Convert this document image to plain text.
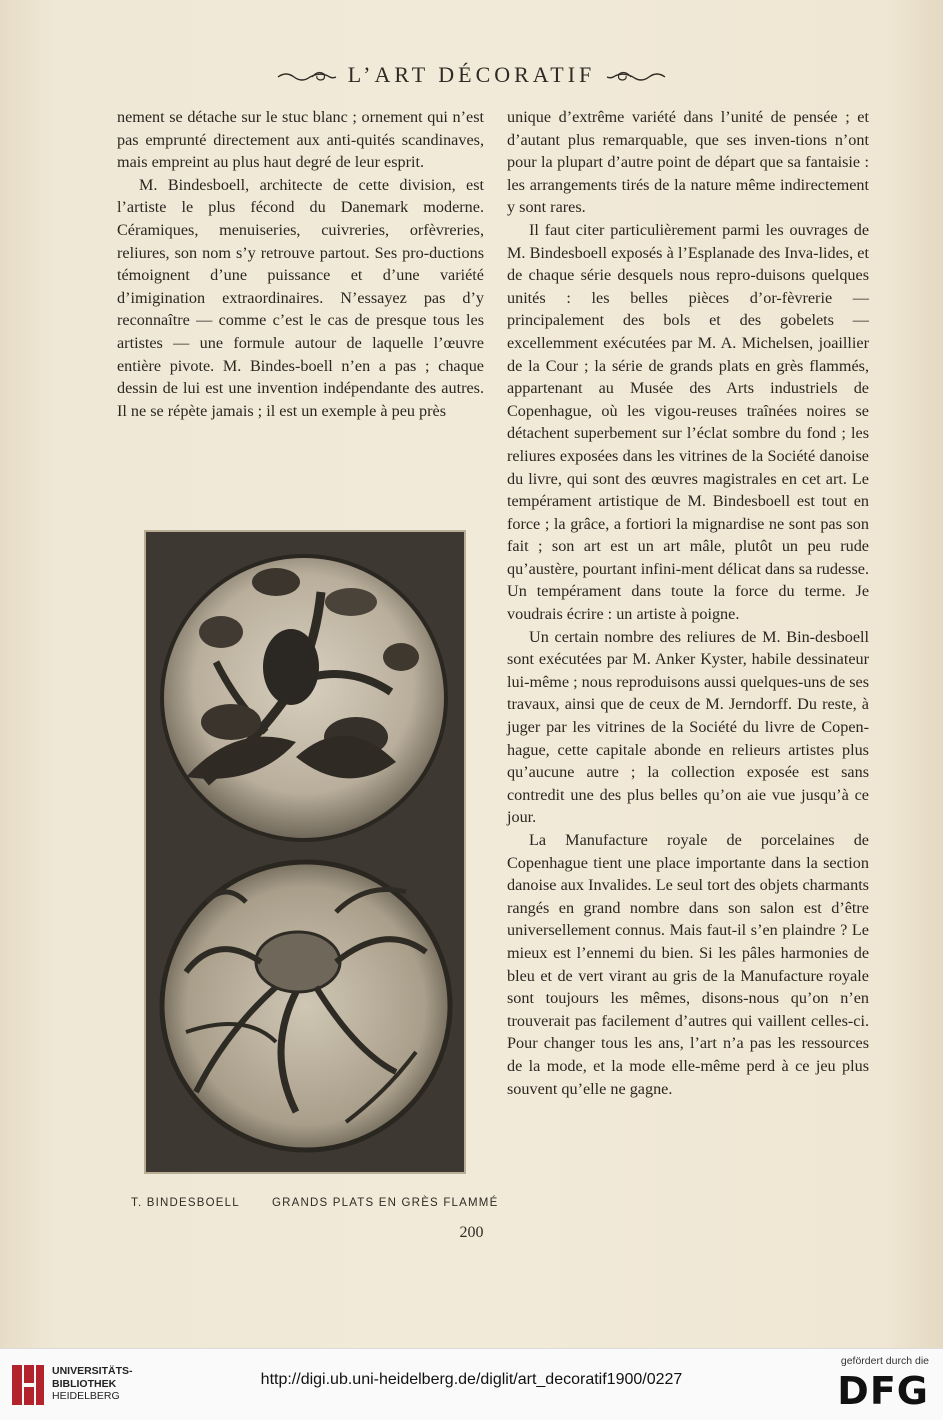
L’ART DÉCORATIF

nement se détache sur le stuc blanc ; ornement qui n’est pas emprunté directement aux anti-quités scandinaves, mais empreint au plus haut degré de leur esprit.

M. Bindesboell, architecte de cette division, est l’artiste le plus fécond du Danemark moderne. Céramiques, menuiseries, cuivreries, orfèvreries, reliures, son nom s’y retrouve partout. Ses pro-ductions témoignent d’une puissance et d’une variété d’imigination extraordinaires. N’essayez pas d’y reconnaître — comme c’est le cas de presque tous les artistes — une formule autour de laquelle l’œuvre entière pivote. M. Bindes-boell n’en a pas ; chaque dessin de lui est une invention indépendante des autres. Il ne se répète jamais ; il est un exemple à peu près

unique d’extrême variété dans l’unité de pensée ; et d’autant plus remarquable, que ses inven-tions n’ont pour la plupart d’autre point de départ que sa fantaisie : les arrangements tirés de la nature même indirectement y sont rares.

Il faut citer particulièrement parmi les ouvrages de M. Bindesboell exposés à l’Esplanade des Inva-lides, et de chaque série desquels nous repro-duisons quelques unités : les belles pièces d’or-fèvrerie — principalement des bols et des gobelets — excellemment exécutées par M. A. Michelsen, joaillier de la Cour ; la série de grands plats en grès flammés, appartenant au Musée des Arts industriels de Copenhague, où les vigou-reuses traînées noires se détachent superbement sur l’éclat sombre du fond ; les reliures exposées dans les vitrines de la Société danoise du livre, qui sont des œuvres magistrales en cet art. Le tempérament artistique de M. Bindesboell est tout en force ; la grâce, a fortiori la mignardise ne sont pas son fait ; son art est un art mâle, plutôt un peu rude qu’austère, pourtant infini-ment délicat dans sa rudesse. Un tempérament dans toute la force du terme. Je voudrais écrire : un artiste à poigne.

Un certain nombre des reliures de M. Bin-desboell sont exécutées par M. Anker Kyster, habile dessinateur lui-même ; nous reproduisons aussi quelques-uns de ses travaux, ainsi que de ceux de M. Jerndorff. Du reste, à juger par les vitrines de la Société du livre de Copen-hague, cette capitale abonde en relieurs artistes plus qu’aucune autre ; la collection exposée est sans contredit une des plus belles qu’on aie vue jusqu’à ce jour.

La Manufacture royale de porcelaines de Copenhague tient une place importante dans la section danoise aux Invalides. Le seul tort des objets charmants rangés en grand nombre dans son salon est d’être universellement connus. Mais faut-il s’en plaindre ? Le mieux est l’ennemi du bien. Si les pâles harmonies de bleu et de vert virant au gris de la Manufacture royale sont toujours les mêmes, disons-nous qu’on n’en trouverait pas facilement d’autres qui vaillent celles-ci. Pour changer tous les ans, l’art n’a pas les ressources de la mode, et la mode elle-même perd à ce jeu plus souvent qu’elle ne gagne.

T. BINDESBOELL	GRANDS PLATS EN GRÈS FLAMMÉ
200
UNIVERSITÄTS-
BIBLIOTHEK
HEIDELBERG
http://digi.ub.uni-heidelberg.de/diglit/art_decoratif1900/0227
gefördert durch die
DFG
